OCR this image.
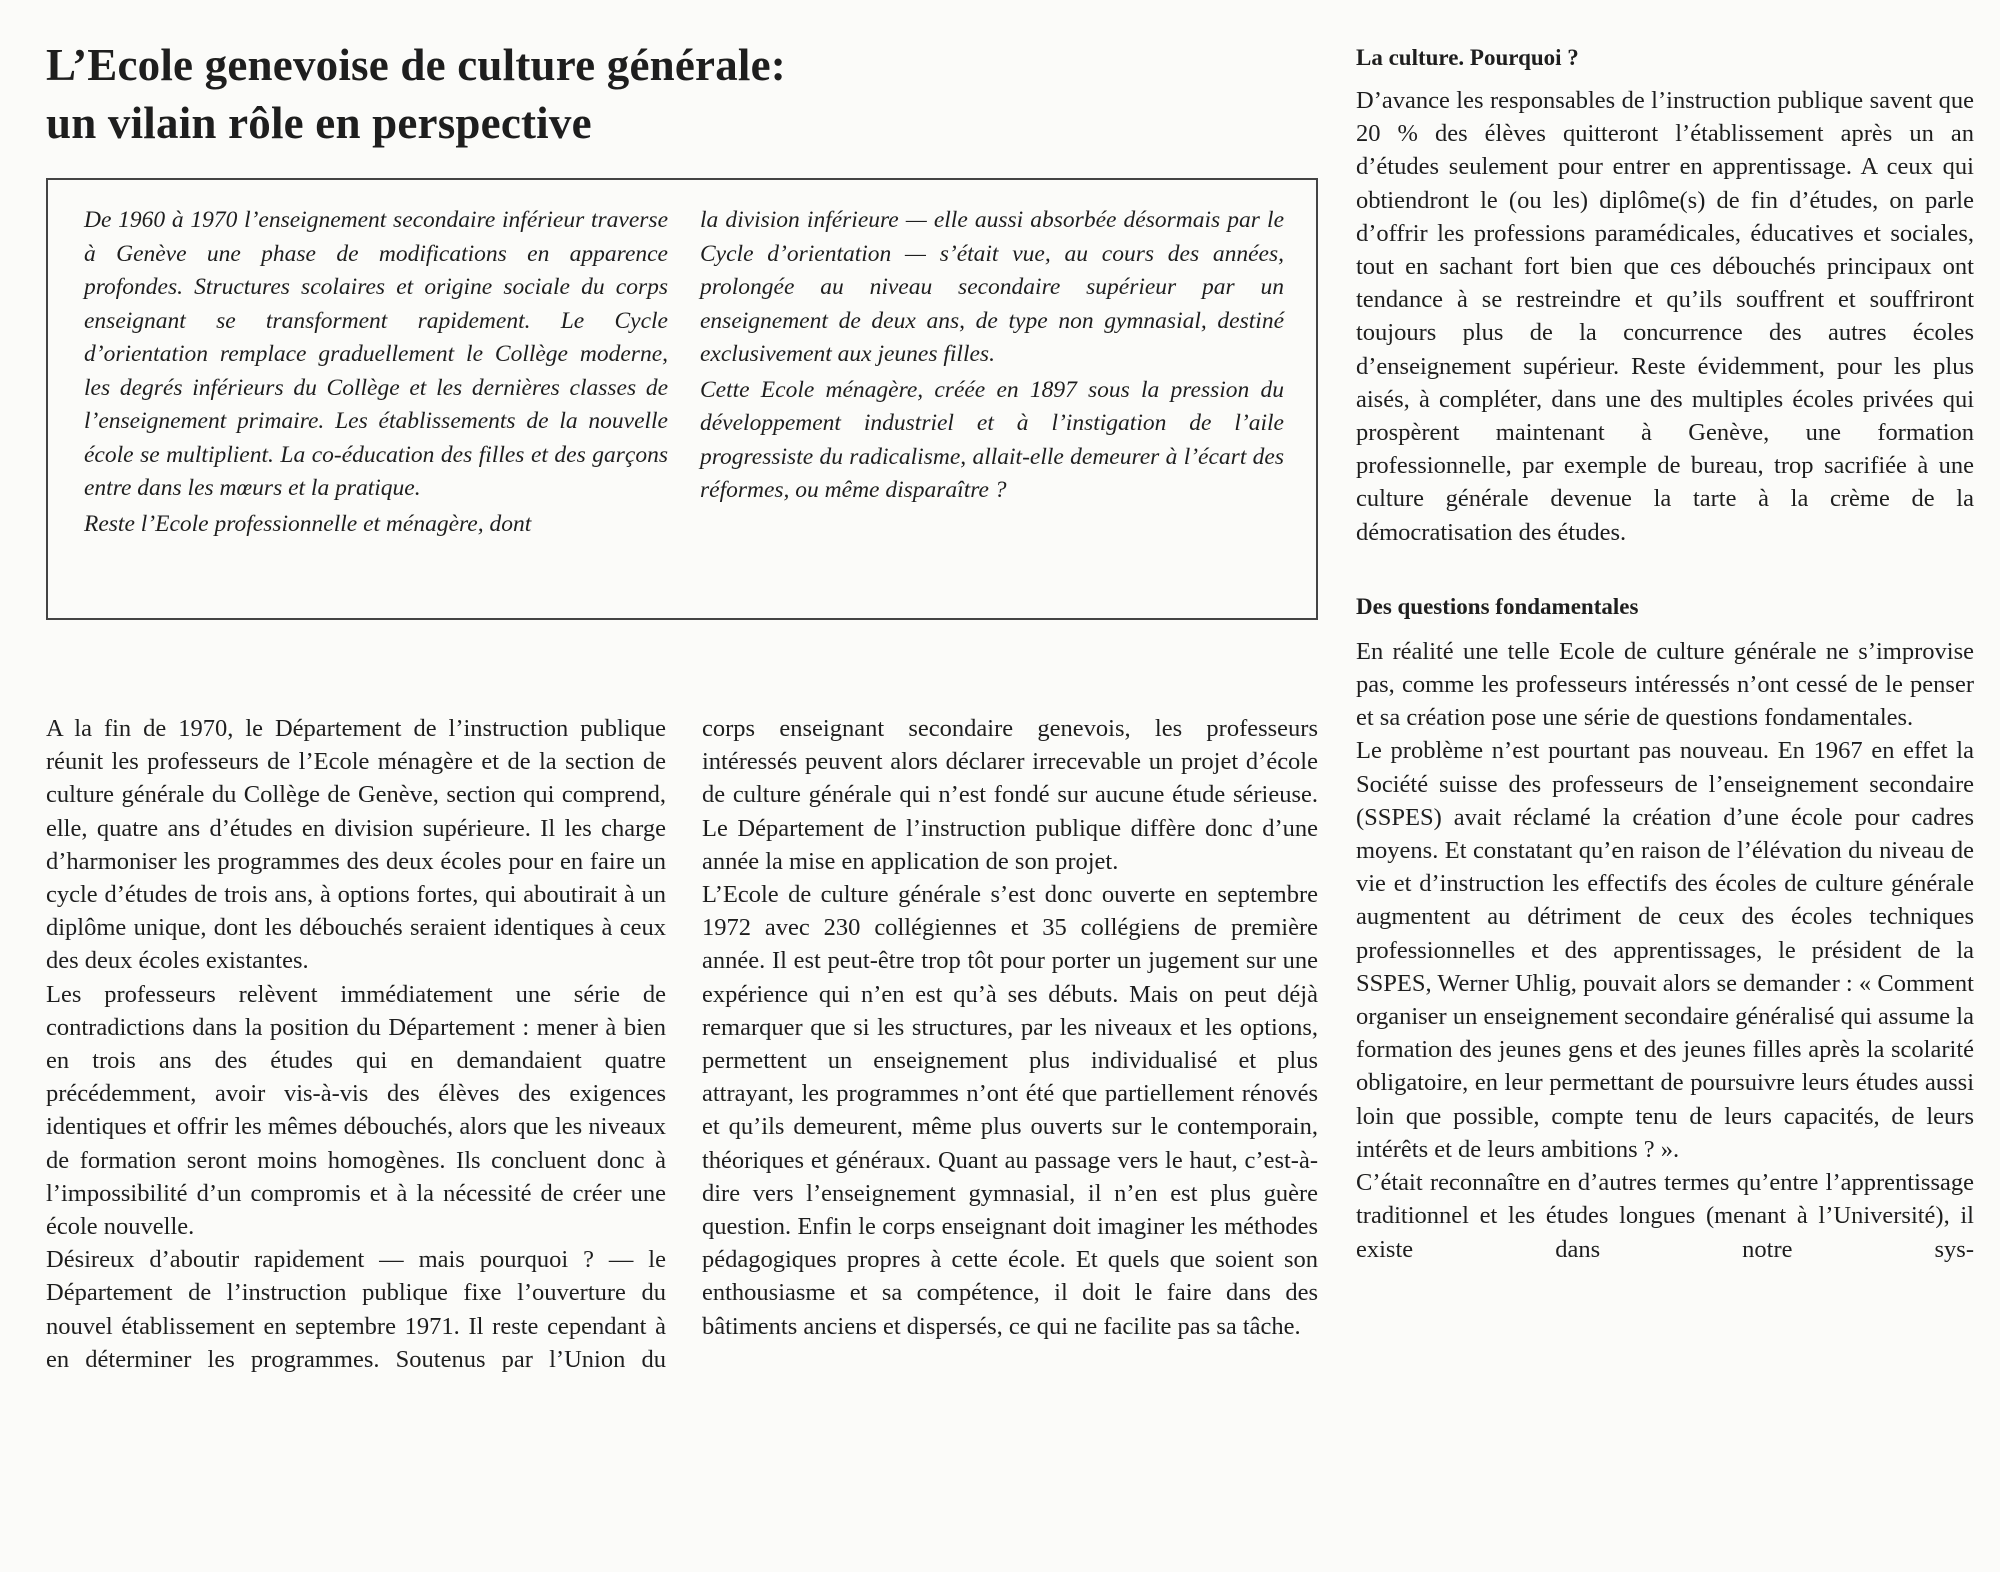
L’Ecole genevoise de culture générale:
un vilain rôle en perspective

De 1960 à 1970 l’enseignement secondaire inférieur traverse à Genève une phase de modifications en apparence profondes. Structures scolaires et origine sociale du corps enseignant se transforment rapidement. Le Cycle d’orientation remplace graduellement le Collège moderne, les degrés inférieurs du Collège et les dernières classes de l’enseignement primaire. Les établissements de la nouvelle école se multiplient. La co-éducation des filles et des garçons entre dans les mœurs et la pratique.

Reste l’Ecole professionnelle et ménagère, dont

la division inférieure — elle aussi absorbée désormais par le Cycle d’orientation — s’était vue, au cours des années, prolongée au niveau secondaire supérieur par un enseignement de deux ans, de type non gymnasial, destiné exclusivement aux jeunes filles.

Cette Ecole ménagère, créée en 1897 sous la pression du développement industriel et à l’instigation de l’aile progressiste du radicalisme, allait-elle demeurer à l’écart des réformes, ou même disparaître ?

A la fin de 1970, le Département de l’instruction publique réunit les professeurs de l’Ecole ménagère et de la section de culture générale du Collège de Genève, section qui comprend, elle, quatre ans d’études en division supérieure. Il les charge d’harmoniser les programmes des deux écoles pour en faire un cycle d’études de trois ans, à options fortes, qui aboutirait à un diplôme unique, dont les débouchés seraient identiques à ceux des deux écoles existantes.

Les professeurs relèvent immédiatement une série de contradictions dans la position du Département : mener à bien en trois ans des études qui en demandaient quatre précédemment, avoir vis-à-vis des élèves des exigences identiques et offrir les mêmes débouchés, alors que les niveaux de formation seront moins homogènes. Ils concluent donc à l’impossibilité d’un compromis et à la nécessité de créer une école nouvelle.

Désireux d’aboutir rapidement — mais pourquoi ? — le Département de l’instruction publique fixe l’ouverture du nouvel établissement en septembre 1971. Il reste cependant à en déterminer les programmes. Soutenus par l’Union du

corps enseignant secondaire genevois, les professeurs intéressés peuvent alors déclarer irrecevable un projet d’école de culture générale qui n’est fondé sur aucune étude sérieuse. Le Département de l’instruction publique diffère donc d’une année la mise en application de son projet.

L’Ecole de culture générale s’est donc ouverte en septembre 1972 avec 230 collégiennes et 35 collégiens de première année. Il est peut-être trop tôt pour porter un jugement sur une expérience qui n’en est qu’à ses débuts. Mais on peut déjà remarquer que si les structures, par les niveaux et les options, permettent un enseignement plus individualisé et plus attrayant, les programmes n’ont été que partiellement rénovés et qu’ils demeurent, même plus ouverts sur le contemporain, théoriques et généraux. Quant au passage vers le haut, c’est-à-dire vers l’enseignement gymnasial, il n’en est plus guère question. Enfin le corps enseignant doit imaginer les méthodes pédagogiques propres à cette école. Et quels que soient son enthousiasme et sa compétence, il doit le faire dans des bâtiments anciens et dispersés, ce qui ne facilite pas sa tâche.

La culture. Pourquoi ?

D’avance les responsables de l’instruction publique savent que 20 % des élèves quitteront l’établissement après un an d’études seulement pour entrer en apprentissage. A ceux qui obtiendront le (ou les) diplôme(s) de fin d’études, on parle d’offrir les professions paramédicales, éducatives et sociales, tout en sachant fort bien que ces débouchés principaux ont tendance à se restreindre et qu’ils souffrent et souffriront toujours plus de la concurrence des autres écoles d’enseignement supérieur. Reste évidemment, pour les plus aisés, à compléter, dans une des multiples écoles privées qui prospèrent maintenant à Genève, une formation professionnelle, par exemple de bureau, trop sacrifiée à une culture générale devenue la tarte à la crème de la démocratisation des études.

Des questions fondamentales

En réalité une telle Ecole de culture générale ne s’improvise pas, comme les professeurs intéressés n’ont cessé de le penser et sa création pose une série de questions fondamentales.

Le problème n’est pourtant pas nouveau. En 1967 en effet la Société suisse des professeurs de l’enseignement secondaire (SSPES) avait réclamé la création d’une école pour cadres moyens. Et constatant qu’en raison de l’élévation du niveau de vie et d’instruction les effectifs des écoles de culture générale augmentent au détriment de ceux des écoles techniques professionnelles et des apprentissages, le président de la SSPES, Werner Uhlig, pouvait alors se demander : « Comment organiser un enseignement secondaire généralisé qui assume la formation des jeunes gens et des jeunes filles après la scolarité obligatoire, en leur permettant de poursuivre leurs études aussi loin que possible, compte tenu de leurs capacités, de leurs intérêts et de leurs ambitions ? ».

C’était reconnaître en d’autres termes qu’entre l’apprentissage traditionnel et les études longues (menant à l’Université), il existe dans notre sys-
